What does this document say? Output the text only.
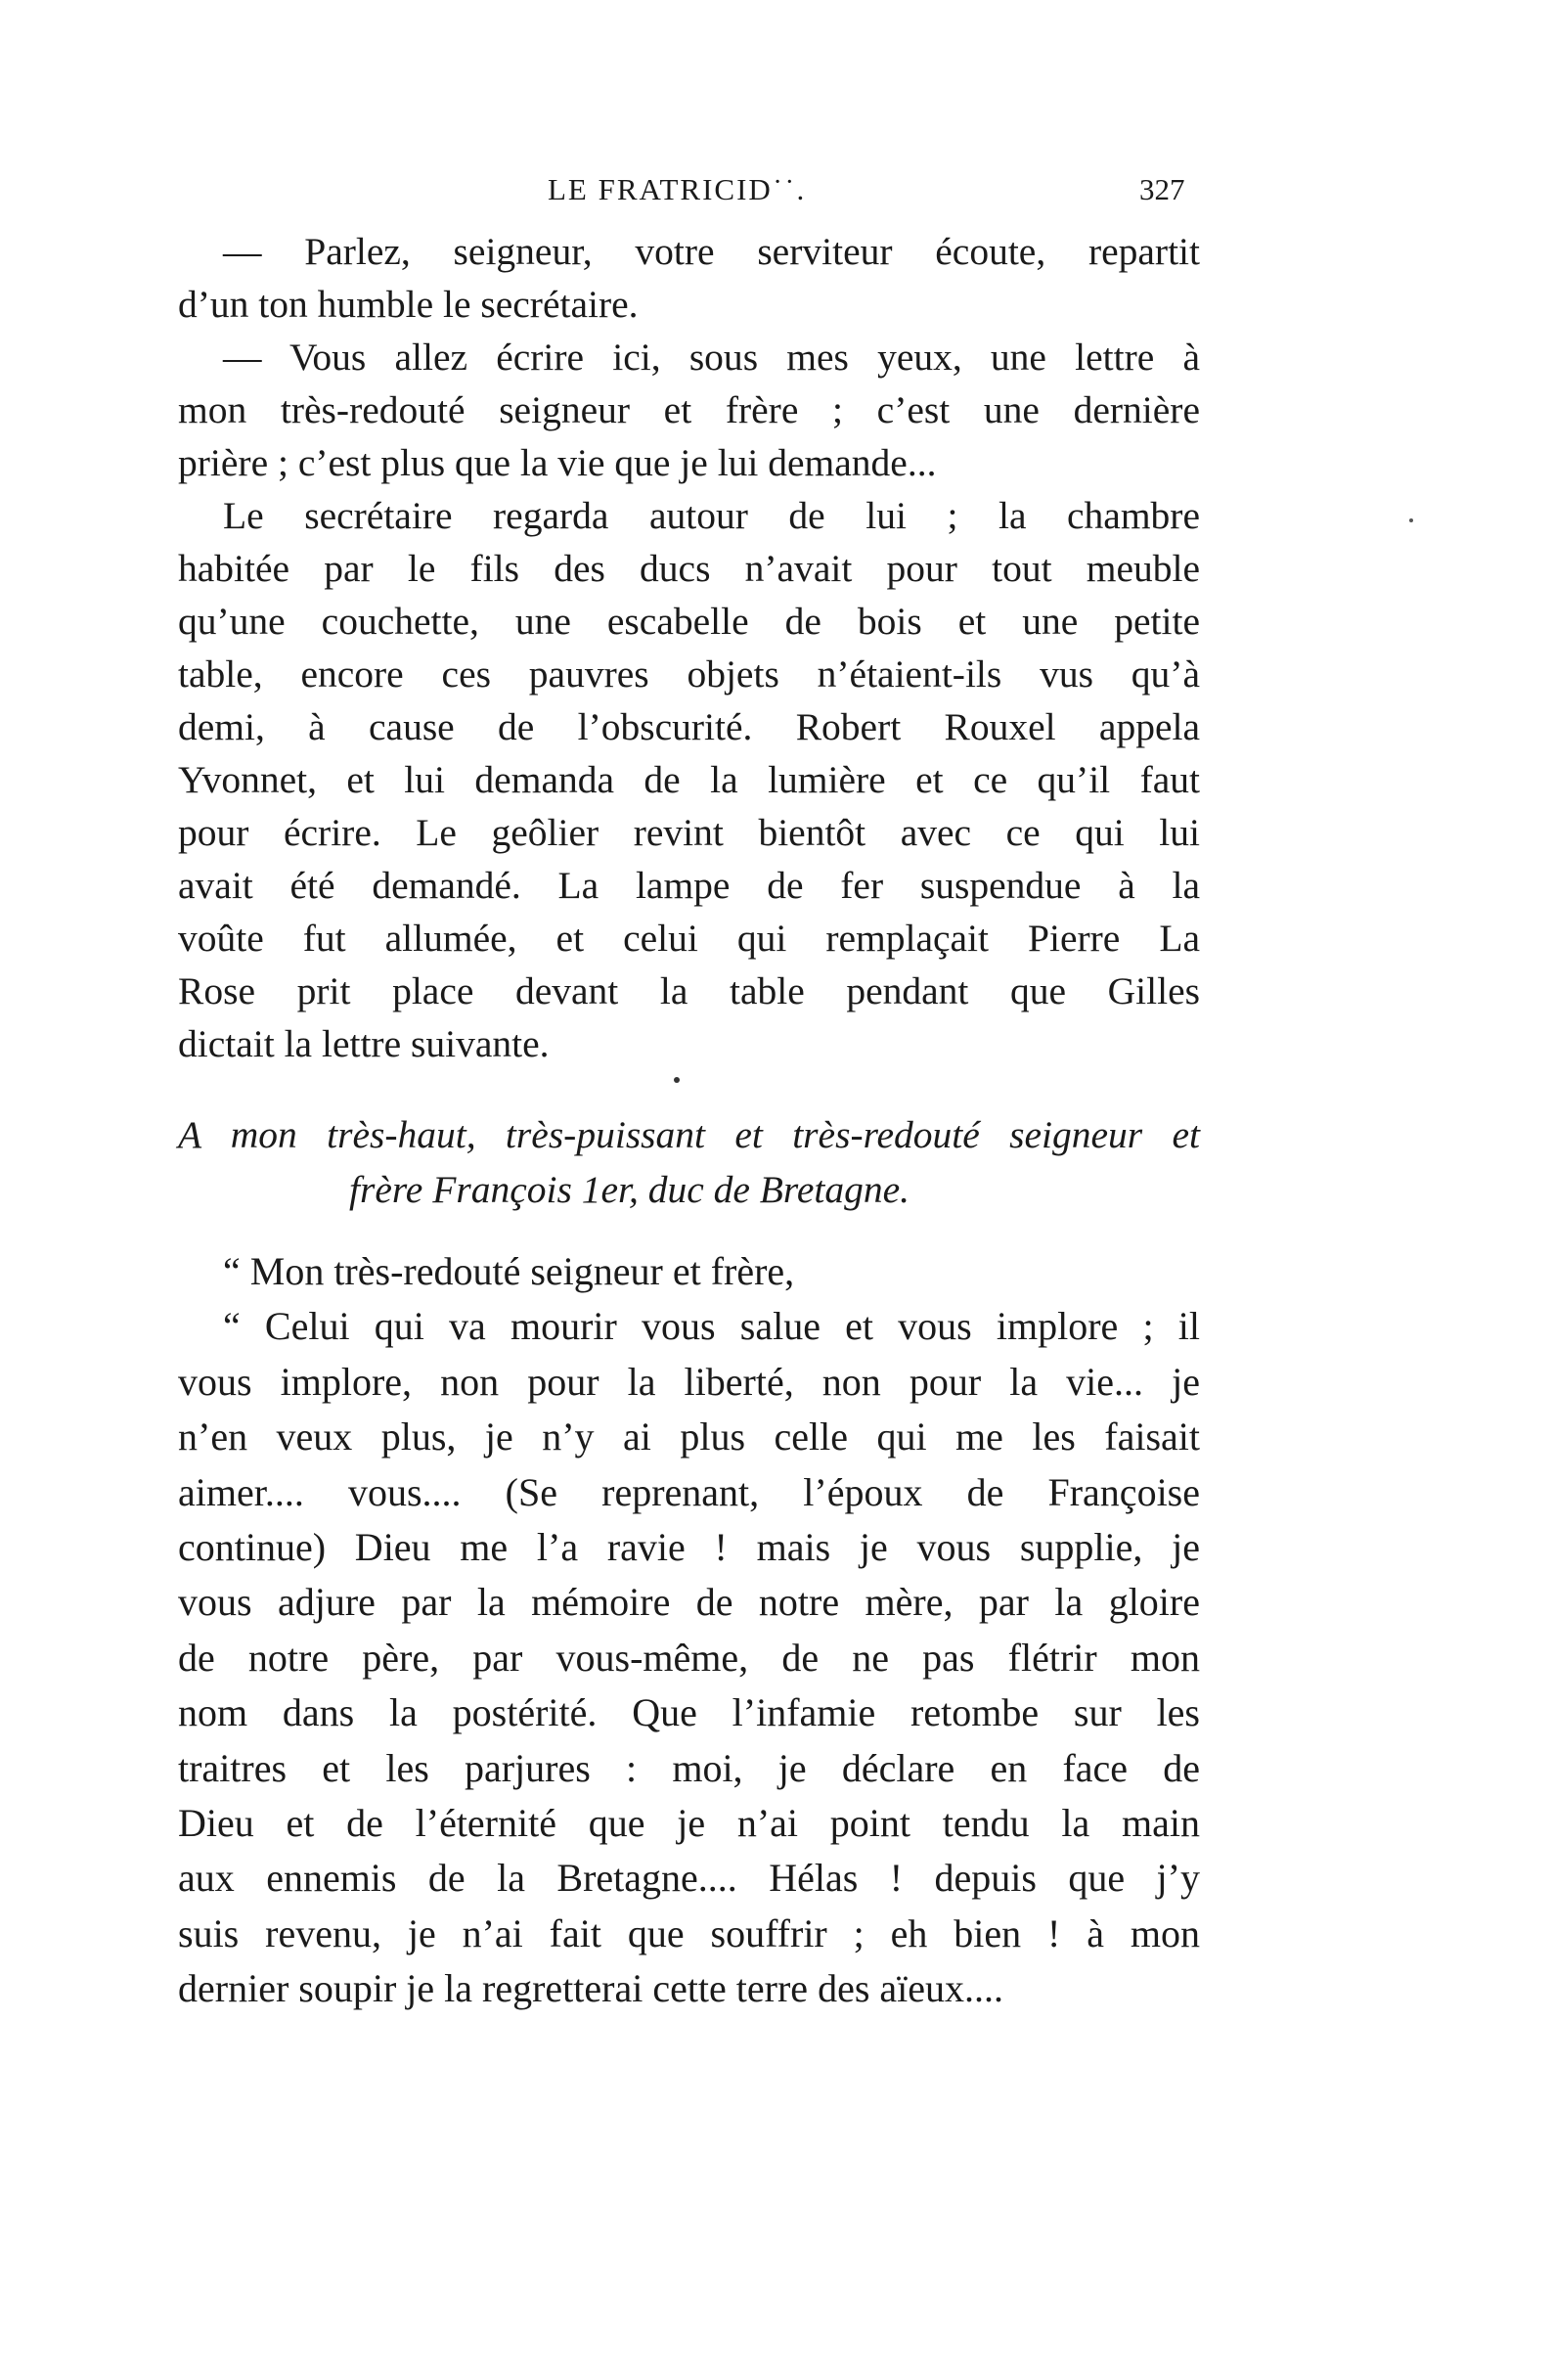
LE FRATRICID˙˙.	327
— Parlez, seigneur, votre serviteur écoute, repartit
d’un ton humble le secrétaire.
— Vous allez écrire ici, sous mes yeux, une lettre à
mon très-redouté seigneur et frère ; c’est une dernière
prière ; c’est plus que la vie que je lui demande...
Le secrétaire regarda autour de lui ; la chambre
habitée par le fils des ducs n’avait pour tout meuble
qu’une couchette, une escabelle de bois et une petite
table, encore ces pauvres objets n’étaient-ils vus qu’à
demi, à cause de l’obscurité. Robert Rouxel appela
Yvonnet, et lui demanda de la lumière et ce qu’il faut
pour écrire. Le geôlier revint bientôt avec ce qui lui
avait été demandé. La lampe de fer suspendue à la
voûte fut allumée, et celui qui remplaçait Pierre La
Rose prit place devant la table pendant que Gilles
dictait la lettre suivante.
A mon très-haut, très-puissant et très-redouté seigneur et
frère François 1er, duc de Bretagne.
“ Mon très-redouté seigneur et frère,
“ Celui qui va mourir vous salue et vous implore ; il
vous implore, non pour la liberté, non pour la vie... je
n’en veux plus, je n’y ai plus celle qui me les faisait
aimer.... vous.... (Se reprenant, l’époux de Françoise
continue) Dieu me l’a ravie ! mais je vous supplie, je
vous adjure par la mémoire de notre mère, par la gloire
de notre père, par vous-même, de ne pas flétrir mon
nom dans la postérité. Que l’infamie retombe sur les
traitres et les parjures : moi, je déclare en face de
Dieu et de l’éternité que je n’ai point tendu la main
aux ennemis de la Bretagne.... Hélas ! depuis que j’y
suis revenu, je n’ai fait que souffrir ; eh bien ! à mon
dernier soupir je la regretterai cette terre des aïeux....
